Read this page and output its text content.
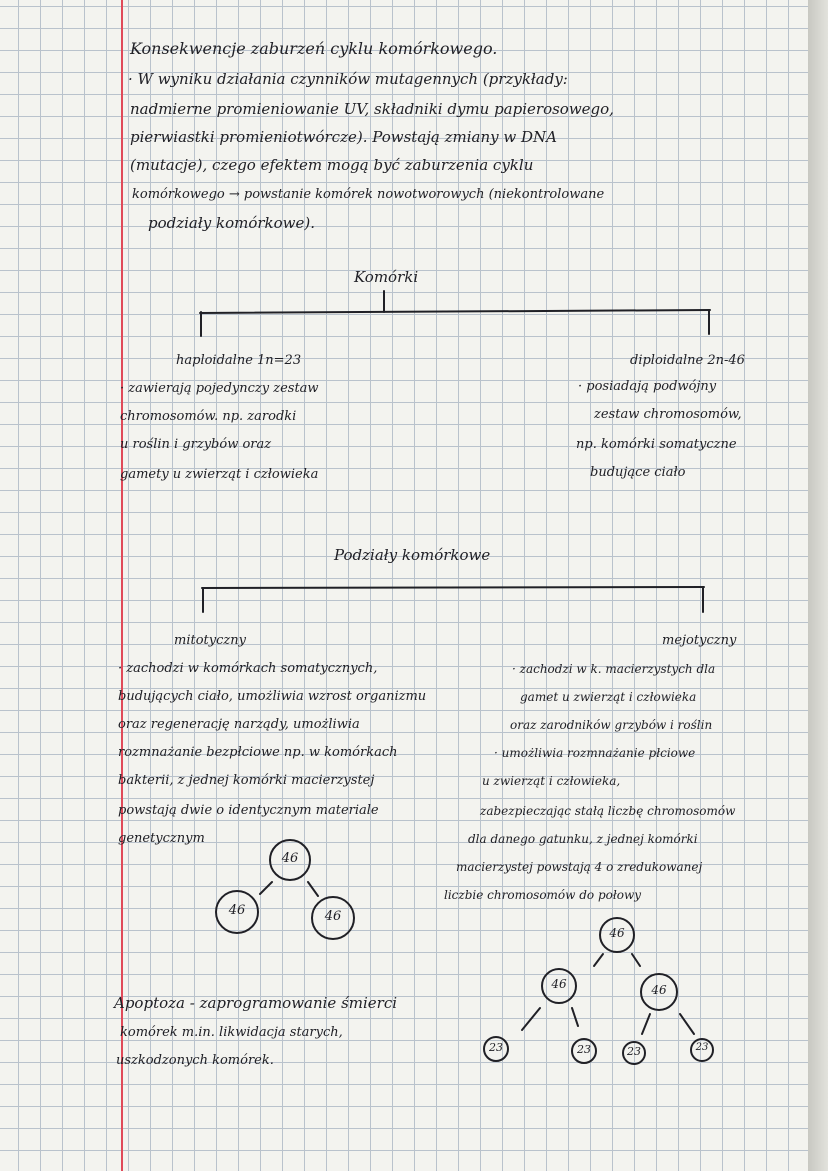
Konsekwencje zaburzeń cyklu komórkowego.
· W wyniku działania czynników mutagennych (przykłady:
nadmierne promieniowanie UV, składniki dymu papierosowego,
pierwiastki promieniotwórcze). Powstają zmiany w DNA
(mutacje), czego efektem mogą być zaburzenia cyklu
komórkowego → powstanie komórek nowotworowych (niekontrolowane
podziały komórkowe).
Komórki
haploidalne 1n=23
· zawierają pojedynczy zestaw
chromosomów. np. zarodki
u roślin i grzybów oraz
gamety u zwierząt i człowieka
diploidalne 2n-46
· posiadają podwójny
zestaw chromosomów,
np. komórki somatyczne
budujące ciało
Podziały komórkowe
mitotyczny
· zachodzi w komórkach somatycznych,
budujących ciało, umożliwia wzrost organizmu
oraz regenerację narządy, umożliwia
rozmnażanie bezpłciowe np. w komórkach
bakterii, z jednej komórki macierzystej
powstają dwie o identycznym materiale
genetycznym
mejotyczny
· zachodzi w k. macierzystych dla
gamet u zwierząt i człowieka
oraz zarodników grzybów i roślin
· umożliwia rozmnażanie płciowe
u zwierząt i człowieka,
zabezpieczając stałą liczbę chromosomów
dla danego gatunku, z jednej komórki
macierzystej powstają 4 o zredukowanej
liczbie chromosomów do połowy
Apoptoza - zaprogramowanie śmierci
komórek m.in. likwidacja starych,
uszkodzonych komórek.
46
46	46
46
46	46
23	23	23	23
